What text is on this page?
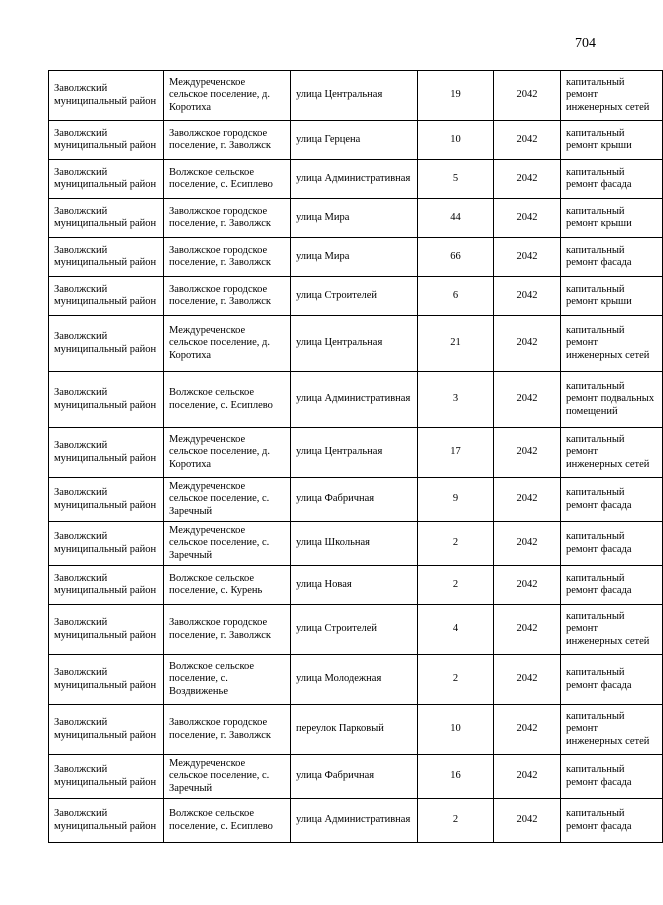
704
Заволжский муниципальный район	Междуреченское сельское поселение, д. Коротиха	улица Центральная	19	2042	капитальный ремонт инженерных сетей
Заволжский муниципальный район	Заволжское городское поселение, г. Заволжск	улица Герцена	10	2042	капитальный ремонт крыши
Заволжский муниципальный район	Волжское сельское поселение, с. Есиплево	улица Административная	5	2042	капитальный ремонт фасада
Заволжский муниципальный район	Заволжское городское поселение, г. Заволжск	улица Мира	44	2042	капитальный ремонт крыши
Заволжский муниципальный район	Заволжское городское поселение, г. Заволжск	улица Мира	66	2042	капитальный ремонт фасада
Заволжский муниципальный район	Заволжское городское поселение, г. Заволжск	улица Строителей	6	2042	капитальный ремонт крыши
Заволжский муниципальный район	Междуреченское сельское поселение, д. Коротиха	улица Центральная	21	2042	капитальный ремонт инженерных сетей
Заволжский муниципальный район	Волжское сельское поселение, с. Есиплево	улица Административная	3	2042	капитальный ремонт подвальных помещений
Заволжский муниципальный район	Междуреченское сельское поселение, д. Коротиха	улица Центральная	17	2042	капитальный ремонт инженерных сетей
Заволжский муниципальный район	Междуреченское сельское поселение, с. Заречный	улица Фабричная	9	2042	капитальный ремонт фасада
Заволжский муниципальный район	Междуреченское сельское поселение, с. Заречный	улица Школьная	2	2042	капитальный ремонт фасада
Заволжский муниципальный район	Волжское сельское поселение, с. Курень	улица Новая	2	2042	капитальный ремонт фасада
Заволжский муниципальный район	Заволжское городское поселение, г. Заволжск	улица Строителей	4	2042	капитальный ремонт инженерных сетей
Заволжский муниципальный район	Волжское сельское поселение, с. Воздвиженье	улица Молодежная	2	2042	капитальный ремонт фасада
Заволжский муниципальный район	Заволжское городское поселение, г. Заволжск	переулок Парковый	10	2042	капитальный ремонт инженерных сетей
Заволжский муниципальный район	Междуреченское сельское поселение, с. Заречный	улица Фабричная	16	2042	капитальный ремонт фасада
Заволжский муниципальный район	Волжское сельское поселение, с. Есиплево	улица Административная	2	2042	капитальный ремонт фасада
